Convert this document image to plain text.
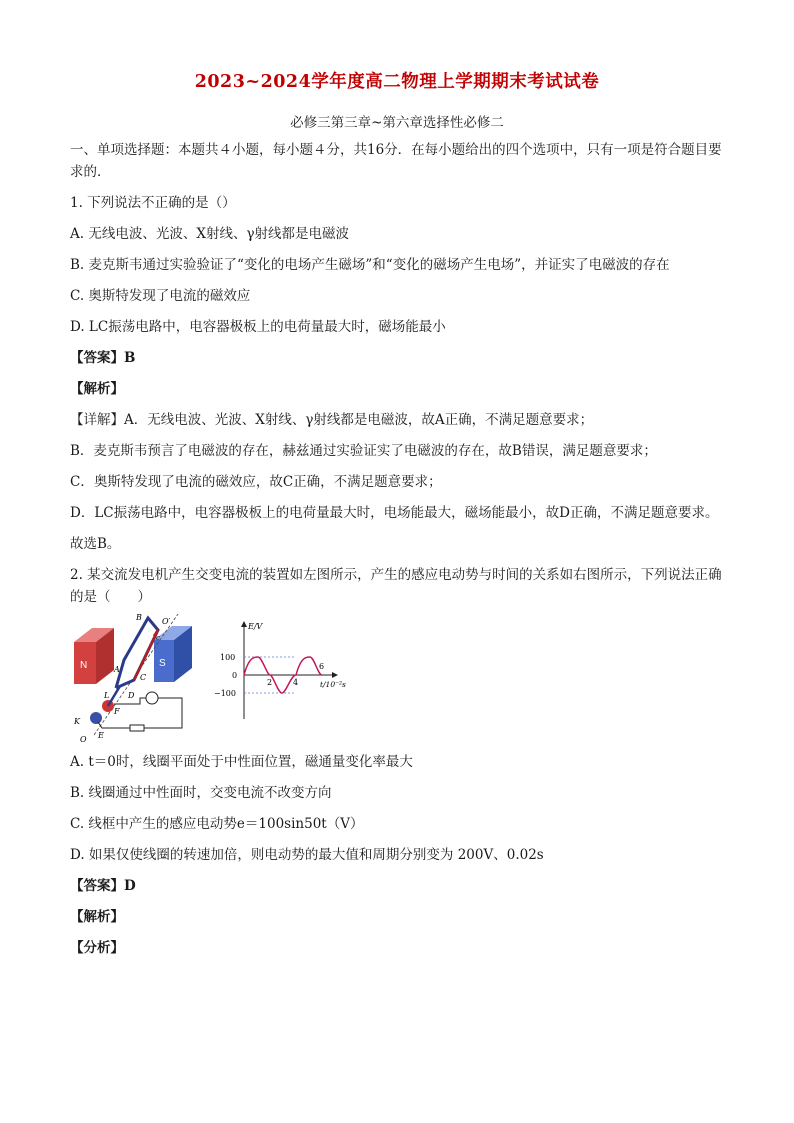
2023~2024学年度高二物理上学期期末考试试卷
必修三第三章~第六章选择性必修二

一、单项选择题：本题共４小题，每小题４分，共16分．在每小题给出的四个选项中，只有一项是符合题目要求的．

1. 下列说法不正确的是（）

A. 无线电波、光波、X射线、γ射线都是电磁波

B. 麦克斯韦通过实验验证了“变化的电场产生磁场”和“变化的磁场产生电场”，并证实了电磁波的存在

C. 奥斯特发现了电流的磁效应

D. LC振荡电路中，电容器极板上的电荷量最大时，磁场能最小

【答案】B

【解析】

【详解】A．无线电波、光波、X射线、γ射线都是电磁波，故A正确，不满足题意要求；

B．麦克斯韦预言了电磁波的存在，赫兹通过实验证实了电磁波的存在，故B错误，满足题意要求；

C．奥斯特发现了电流的磁效应，故C正确，不满足题意要求；

D．LC振荡电路中，电容器极板上的电荷量最大时，电场能最大，磁场能最小，故D正确，不满足题意要求。

故选B。

2. 某交流发电机产生交变电流的装置如左图所示，产生的感应电动势与时间的关系如右图所示，下列说法正确的是（　　）

N	S
B	O′
c
A
C
L D
F
K
E
O
E/V
t/10⁻²s
100
0
−100
2	4
6

A. t＝0时，线圈平面处于中性面位置，磁通量变化率最大

B. 线圈通过中性面时，交变电流不改变方向

C. 线框中产生的感应电动势e＝100sin50t（V）

D. 如果仅使线圈的转速加倍，则电动势的最大值和周期分别变为 200V、0.02s

【答案】D

【解析】

【分析】
